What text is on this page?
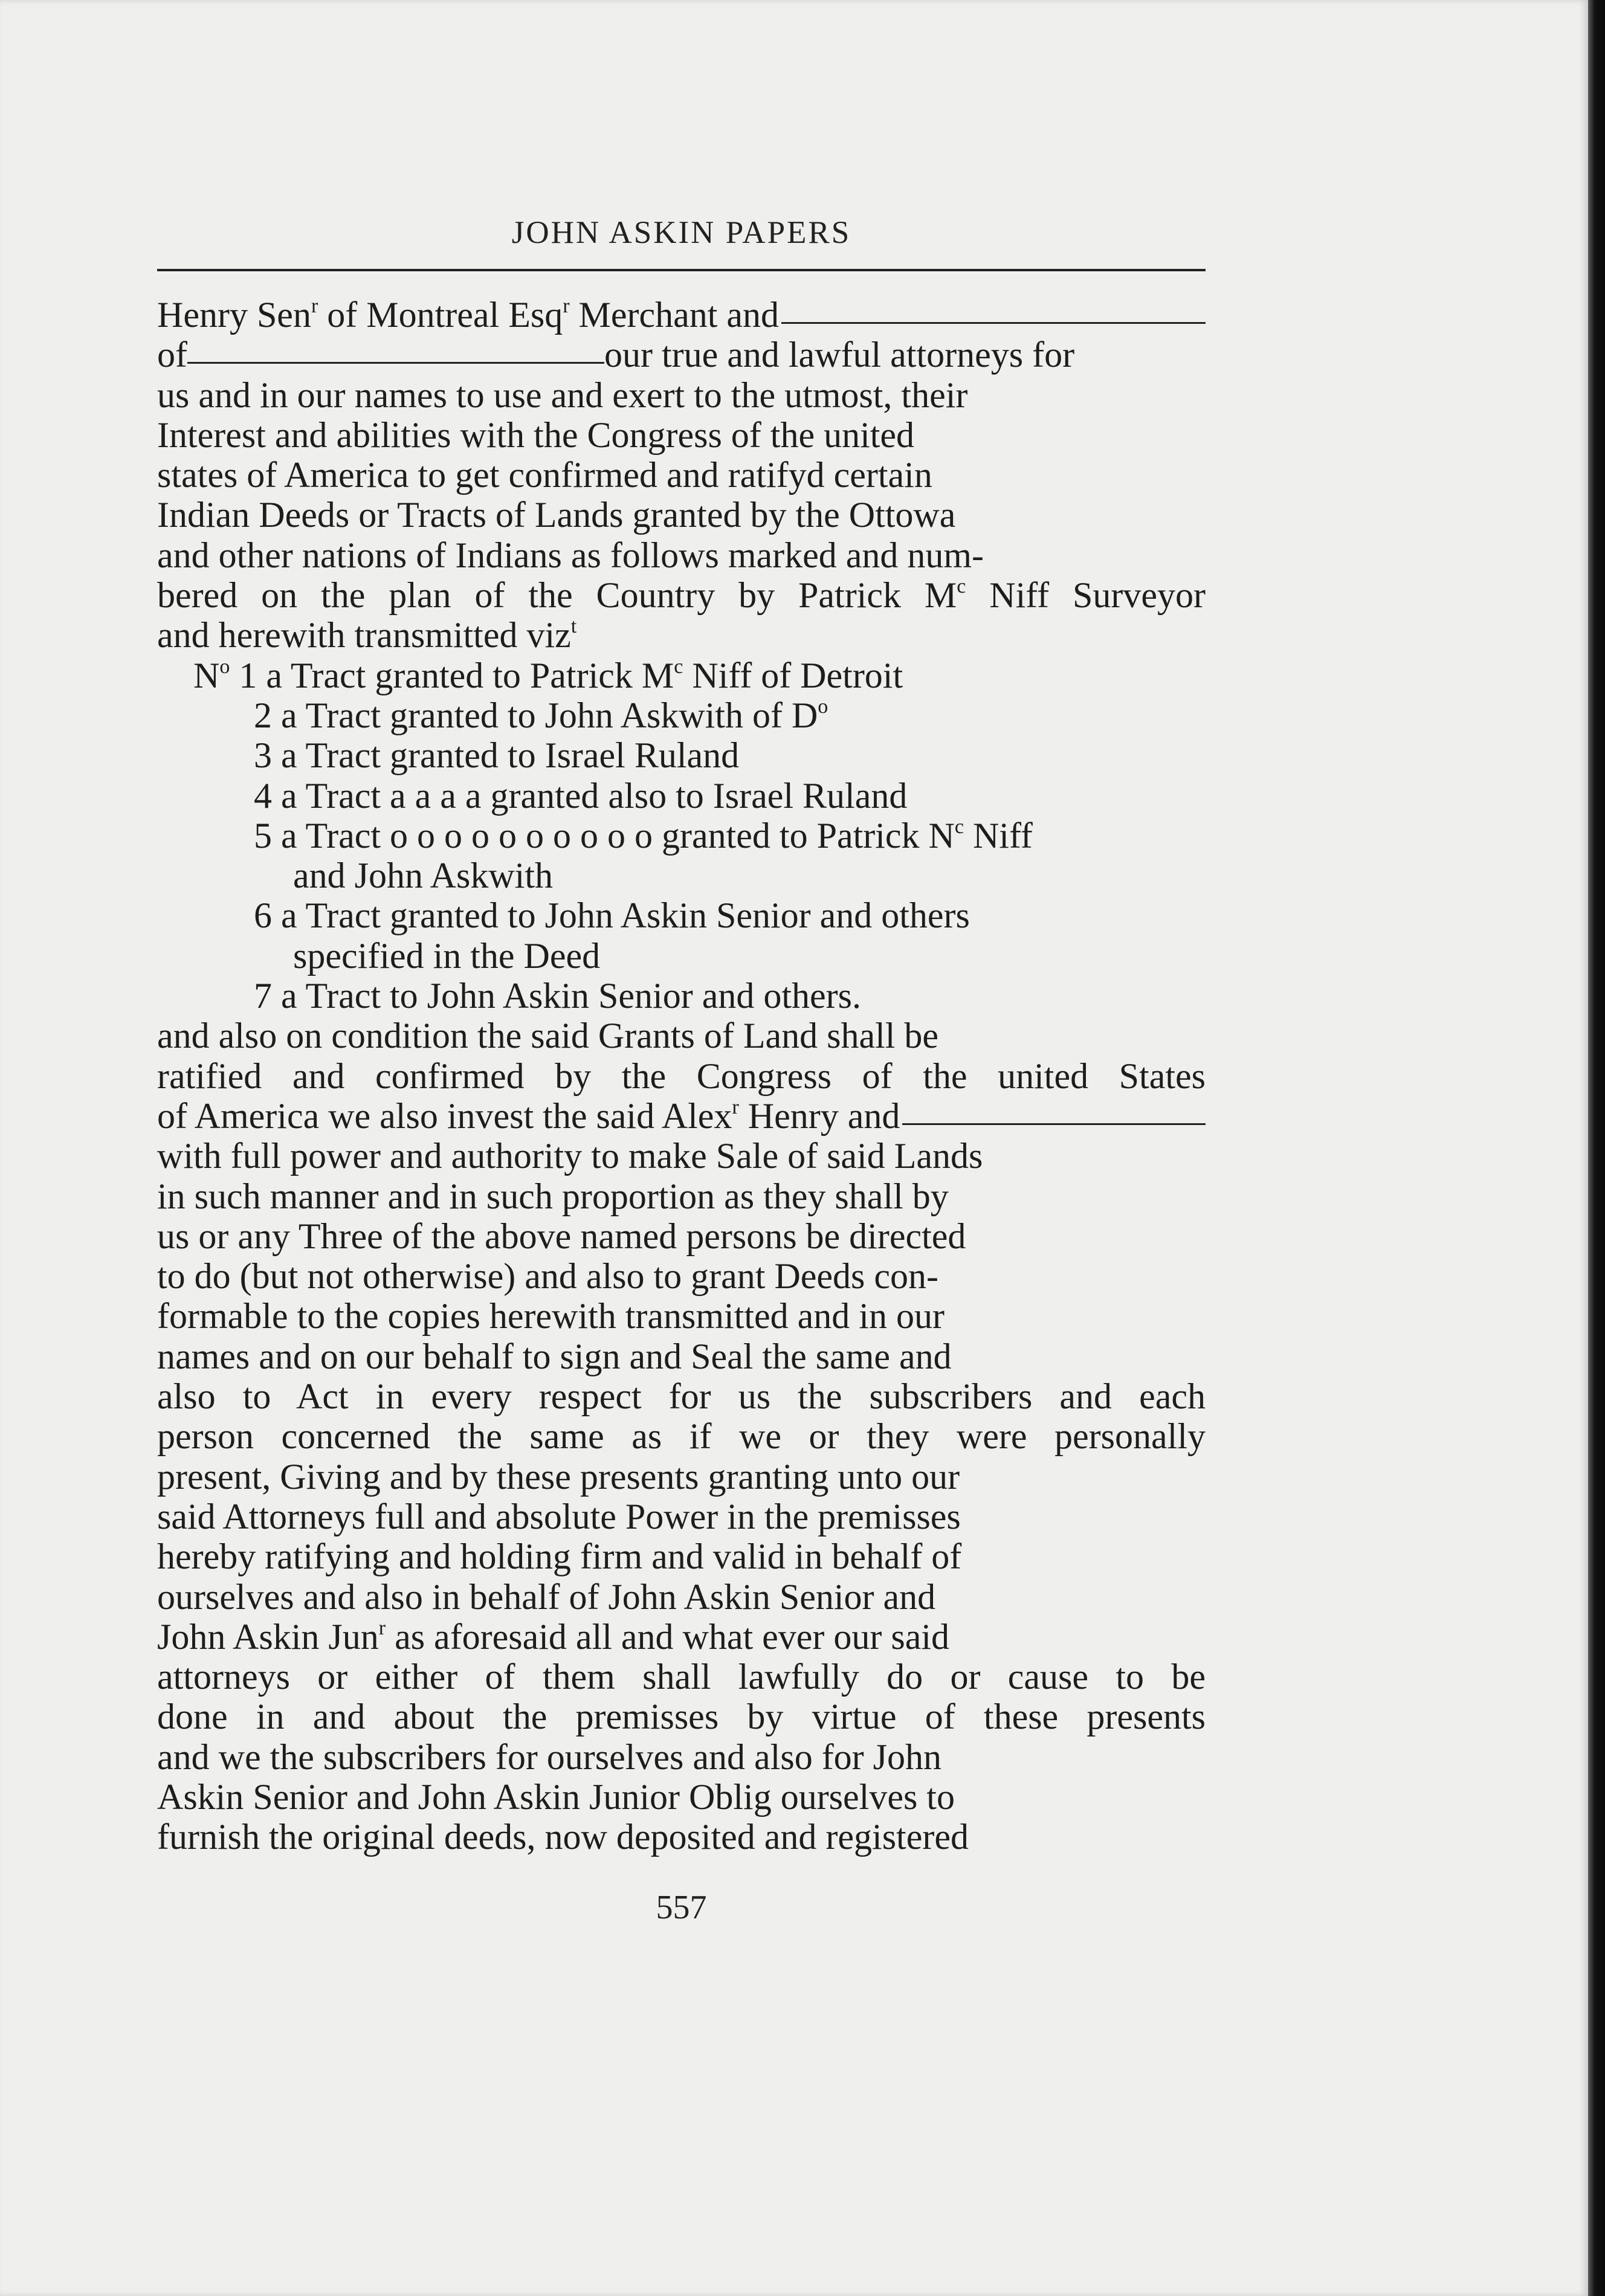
JOHN ASKIN PAPERS
Henry Sen$^r$ of Montreal Esq$^r$ Merchant and
of	our true and lawful attorneys for
us and in our names to use and exert to the utmost, their
Interest and abilities with the Congress of the united
states of America to get confirmed and ratifyd certain
Indian Deeds or Tracts of Lands granted by the Ottowa
and other nations of Indians as follows marked and num-
bered on the plan of the Country by Patrick $M^c$ Niff Surveyor
and herewith transmitted viz$^t$
$N^o$ 1 a Tract granted to Patrick $M^c$ Niff of Detroit
2 a Tract granted to John Askwith of $D^o$
3 a Tract granted to Israel Ruland
4 a Tract a a a a granted also to Israel Ruland
5 a Tract o o o o o o o o o o granted to Patrick $N^c$ Niff
and John Askwith
6 a Tract granted to John Askin Senior and others
specified in the Deed
7 a Tract to John Askin Senior and others.
and also on condition the said Grants of Land shall be
ratified and confirmed by the Congress of the united States
of America we also invest the said Alex$^r$ Henry and
with full power and authority to make Sale of said Lands
in such manner and in such proportion as they shall by
us or any Three of the above named persons be directed
to do (but not otherwise) and also to grant Deeds con-
formable to the copies herewith transmitted and in our
names and on our behalf to sign and Seal the same and
also to Act in every respect for us the subscribers and each
person concerned the same as if we or they were personally
present, Giving and by these presents granting unto our
said Attorneys full and absolute Power in the premisses
hereby ratifying and holding firm and valid in behalf of
ourselves and also in behalf of John Askin Senior and
John Askin Jun$^r$ as aforesaid all and what ever our said
attorneys or either of them shall lawfully do or cause to be
done in and about the premisses by virtue of these presents
and we the subscribers for ourselves and also for John
Askin Senior and John Askin Junior Oblig ourselves to
furnish the original deeds, now deposited and registered
557
